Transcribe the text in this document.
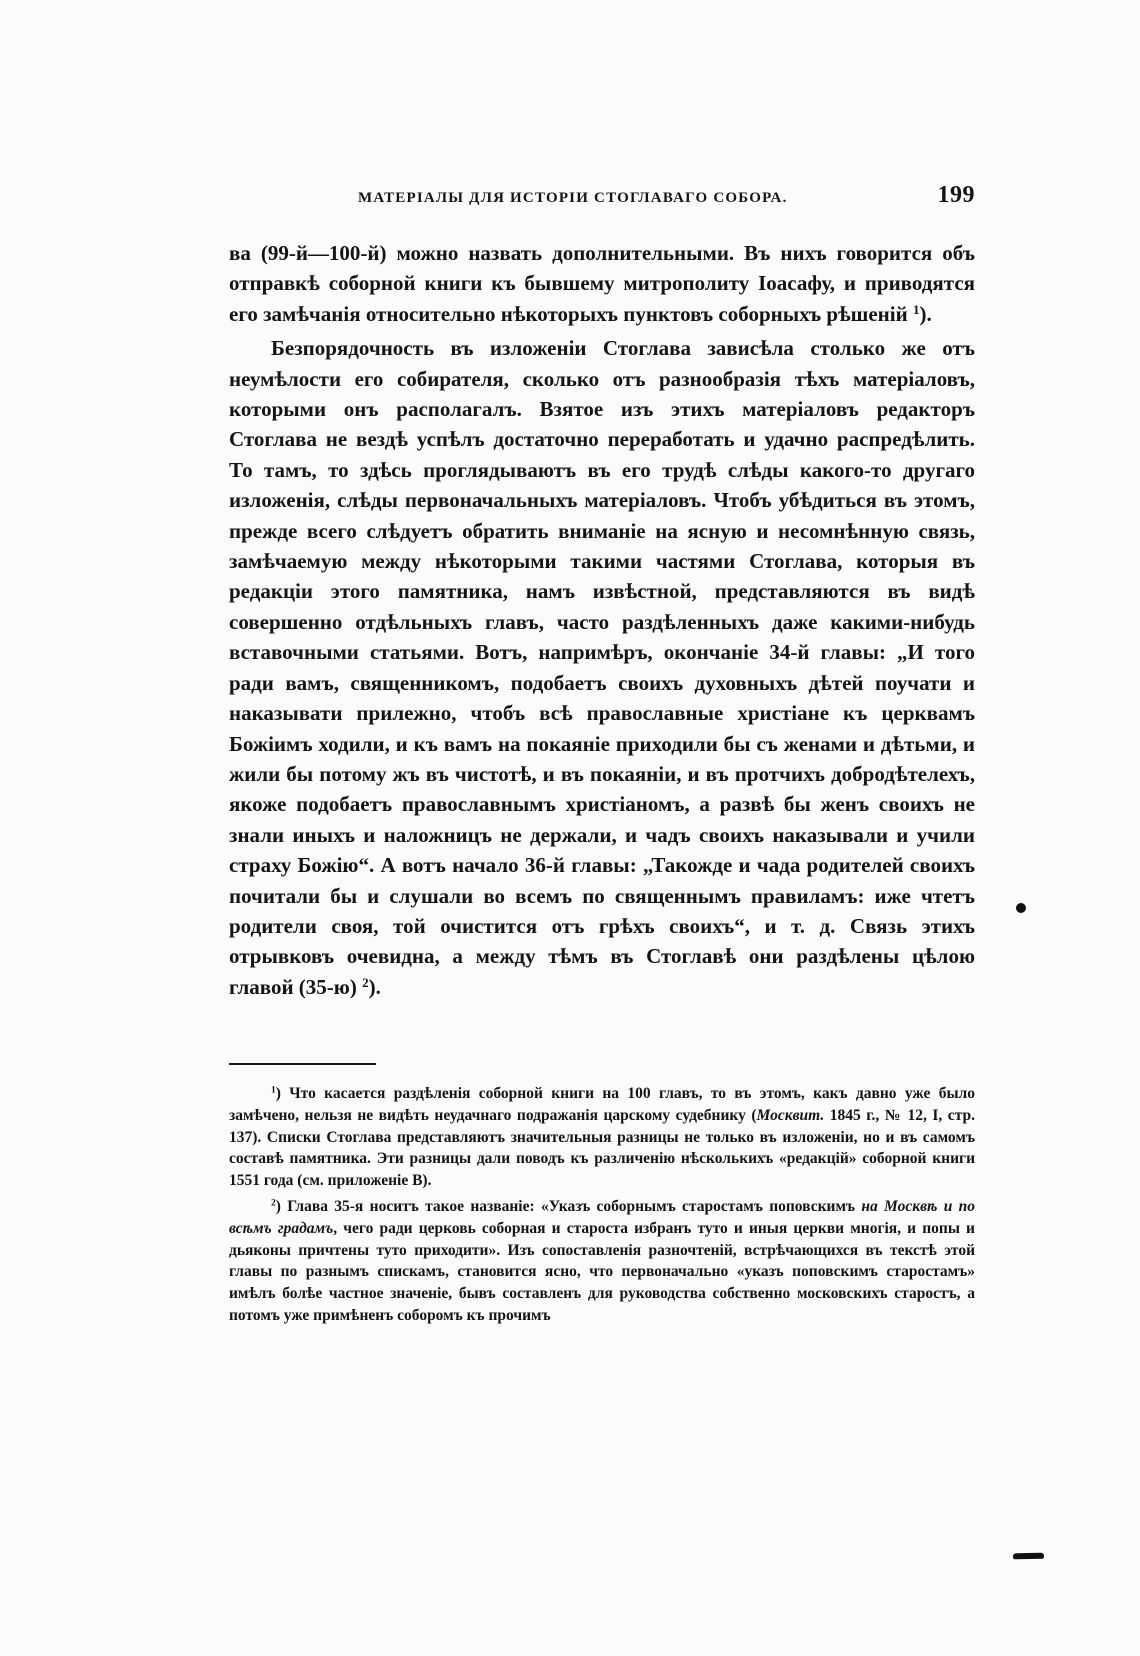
МАТЕРІАЛЫ ДЛЯ ИСТОРІИ СТОГЛАВАГО СОБОРА.	199

ва (99-й—100-й) можно назвать дополнительными. Въ нихъ говорится объ отправкѣ соборной книги къ бывшему митрополиту Іоасафу, и приводятся его замѣчанія относительно нѣкоторыхъ пунктовъ соборныхъ рѣшеній $^1$).

Безпорядочность въ изложеніи Стоглава зависѣла столько же отъ неумѣлости его собирателя, сколько отъ разнообразія тѣхъ матеріаловъ, которыми онъ располагалъ. Взятое изъ этихъ матеріаловъ редакторъ Стоглава не вездѣ успѣлъ достаточно переработать и удачно распредѣлить. То тамъ, то здѣсь проглядываютъ въ его трудѣ слѣды какого-то другаго изложенія, слѣды первоначальныхъ матеріаловъ. Чтобъ убѣдиться въ этомъ, прежде всего слѣдуетъ обратить вниманіе на ясную и несомнѣнную связь, замѣчаемую между нѣкоторыми такими частями Стоглава, которыя въ редакціи этого памятника, намъ извѣстной, представляются въ видѣ совершенно отдѣльныхъ главъ, часто раздѣленныхъ даже какими-нибудь вставочными статьями. Вотъ, напримѣръ, окончаніе 34-й главы: „И того ради вамъ, священникомъ, подобаетъ своихъ духовныхъ дѣтей поучати и наказывати прилежно, чтобъ всѣ православные христіане къ церквамъ Божіимъ ходили, и къ вамъ на покаяніе приходили бы съ женами и дѣтьми, и жили бы потому жъ въ чистотѣ, и въ покаяніи, и въ протчихъ добродѣтелехъ, якоже подобаетъ православнымъ христіаномъ, а развѣ бы женъ своихъ не знали иныхъ и наложницъ не держали, и чадъ своихъ наказывали и учили страху Божію“. А вотъ начало 36-й главы: „Такожде и чада родителей своихъ почитали бы и слушали во всемъ по священнымъ правиламъ: иже чтетъ родители своя, той очистится отъ грѣхъ своихъ“, и т. д. Связь этихъ отрывковъ очевидна, а между тѣмъ въ Стоглавѣ они раздѣлены цѣлою главой (35-ю) $^2$).

$^1$) Что касается раздѣленія соборной книги на 100 главъ, то въ этомъ, какъ давно уже было замѣчено, нельзя не видѣть неудачнаго подражанія царскому судебнику (Москвит. 1845 г., № 12, I, стр. 137). Списки Стоглава представляютъ значительныя разницы не только въ изложеніи, но и въ самомъ составѣ памятника. Эти разницы дали поводъ къ различенію нѣсколькихъ «редакцій» соборной книги 1551 года (см. приложеніе В).

$^2$) Глава 35-я носитъ такое названіе: «Указъ соборнымъ старостамъ поповскимъ на Москвѣ и по всѣмъ градамъ, чего ради церковь соборная и староста избранъ туто и иныя церкви многія, и попы и дьяконы причтены туто приходити». Изъ сопоставленія разночтеній, встрѣчающихся въ текстѣ этой главы по разнымъ спискамъ, становится ясно, что первоначально «указъ поповскимъ старостамъ» имѣлъ болѣе частное значеніе, бывъ составленъ для руководства собственно московскихъ старостъ, а потомъ уже примѣненъ соборомъ къ прочимъ
